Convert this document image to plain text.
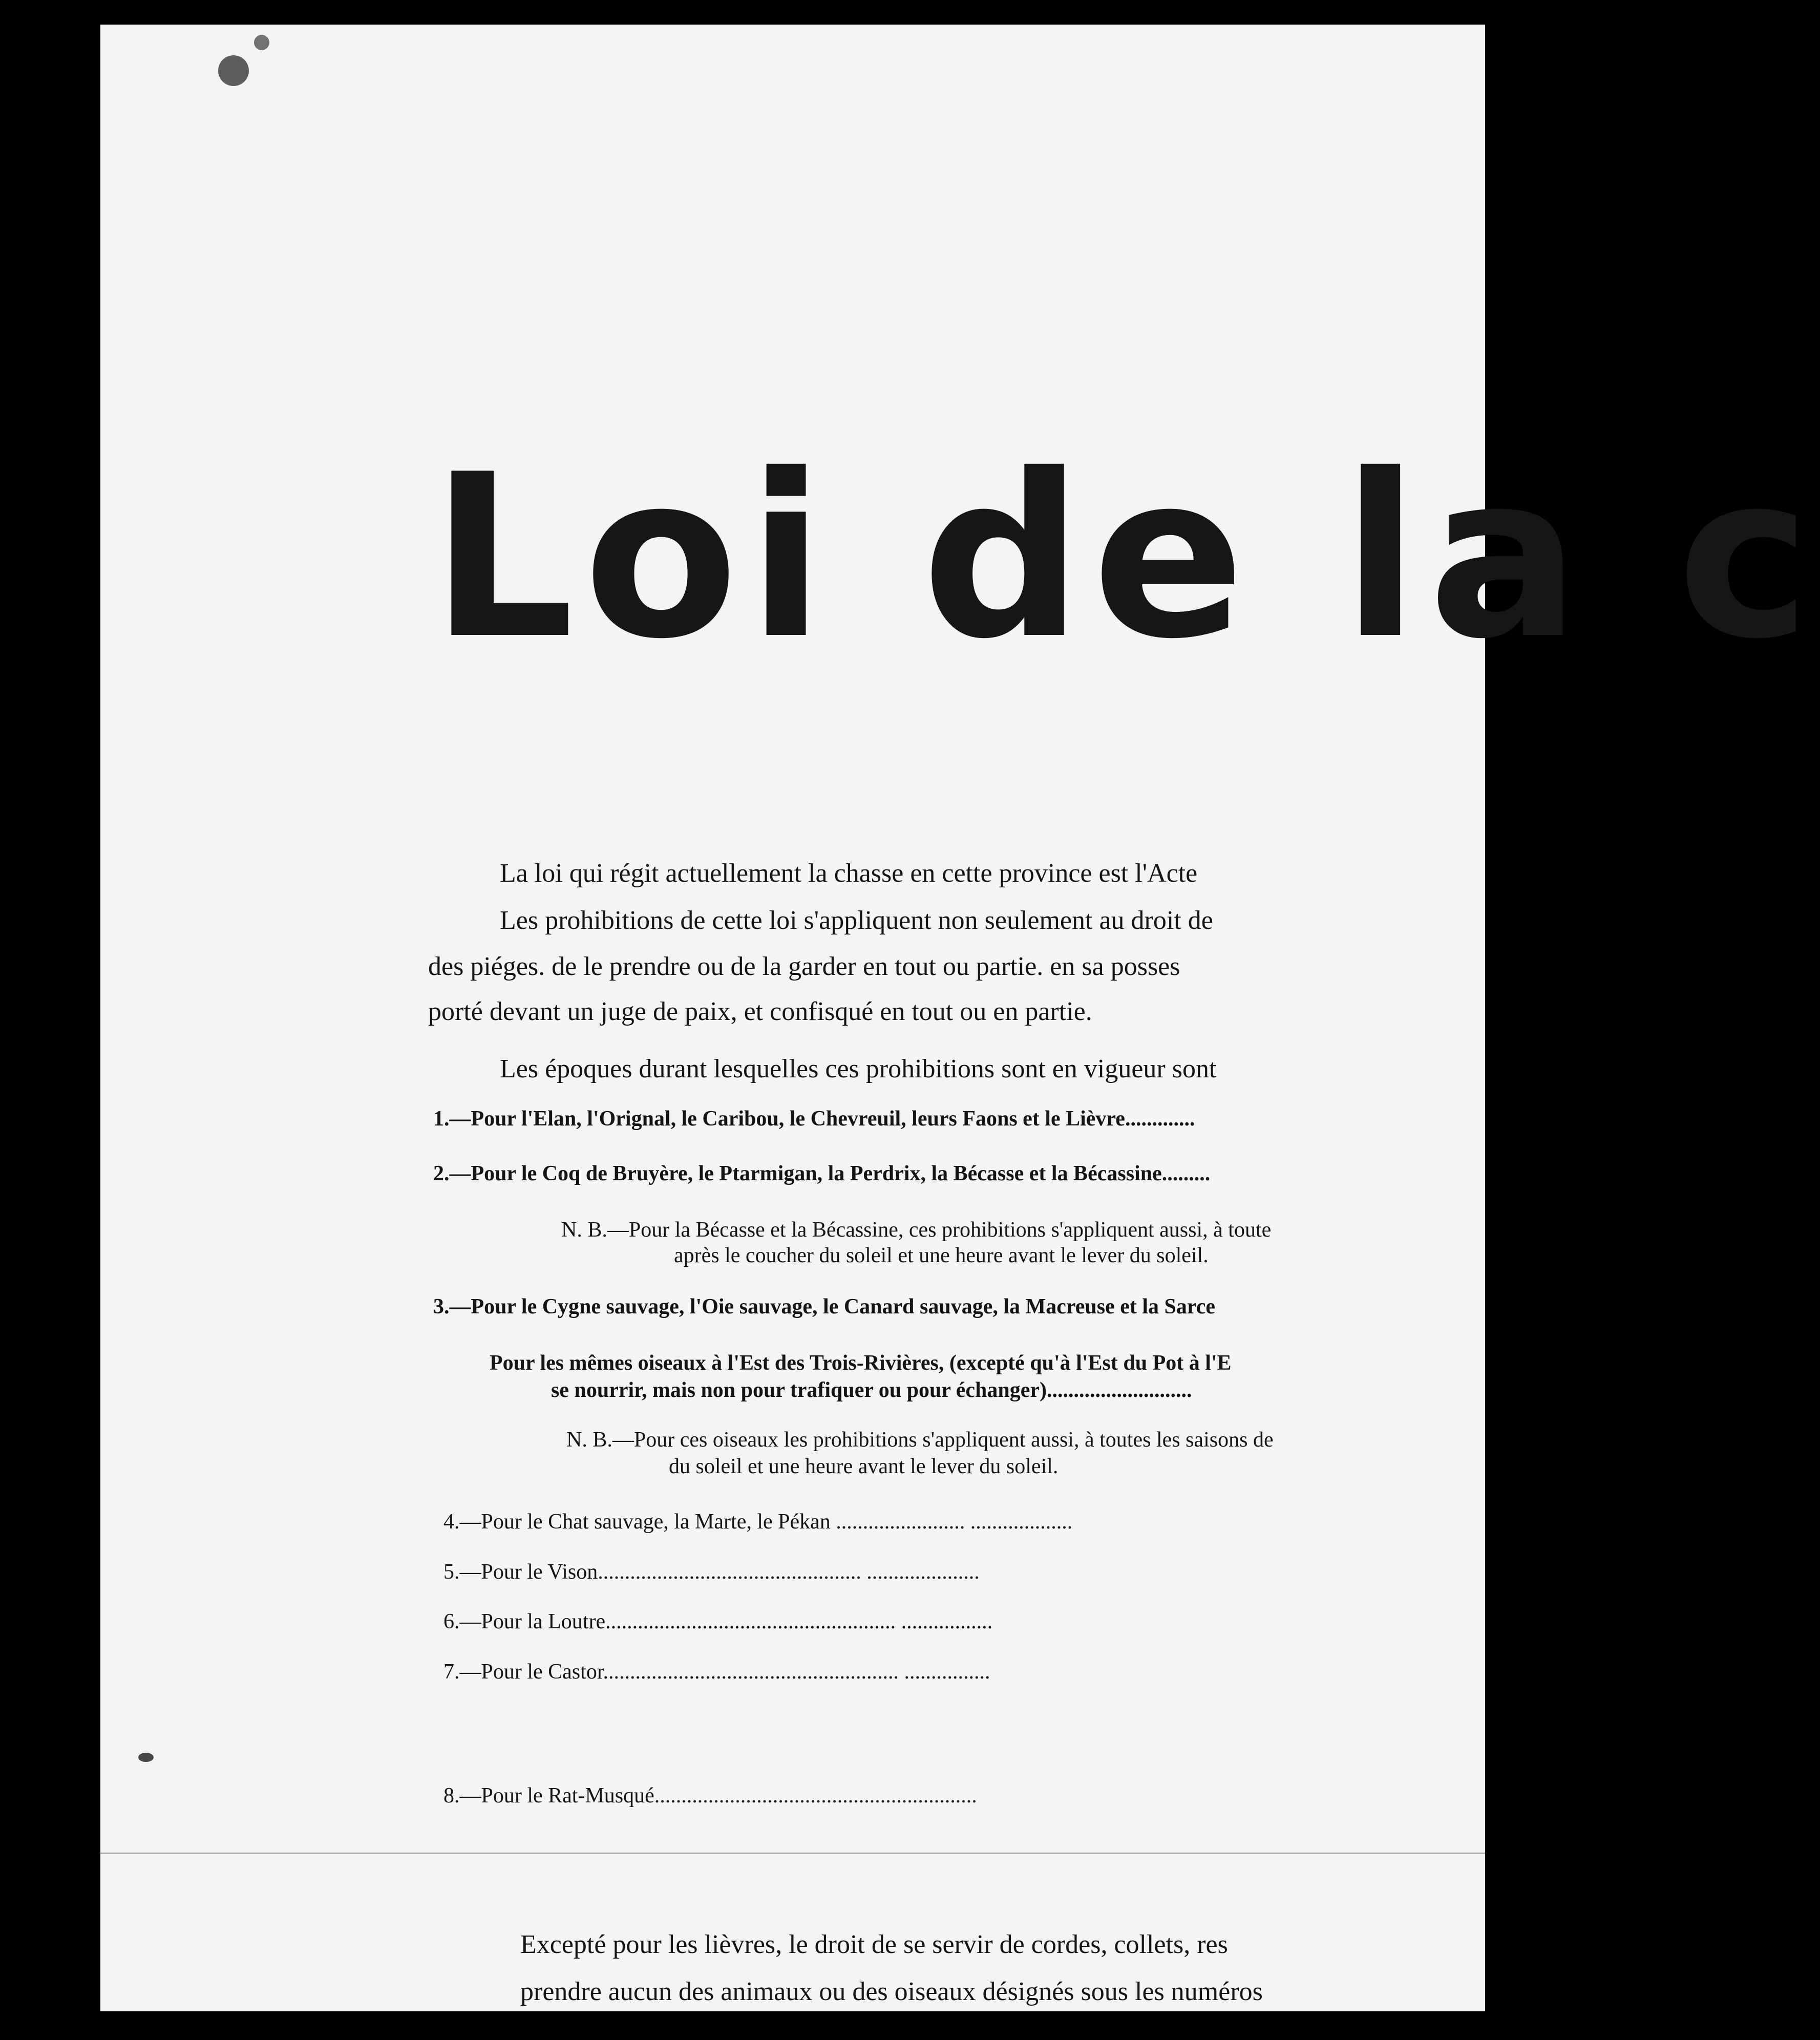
Loi de la c
La loi qui régit actuellement la chasse en cette province est l'Acte
Les prohibitions de cette loi s'appliquent non seulement au droit de
des piéges. de le prendre ou de la garder en tout ou partie. en sa posses
porté devant un juge de paix, et confisqué en tout ou en partie.
Les époques durant lesquelles ces prohibitions sont en vigueur sont
1.—Pour l'Elan, l'Orignal, le Caribou, le Chevreuil, leurs Faons et le Lièvre.............
2.—Pour le Coq de Bruyère, le Ptarmigan, la Perdrix, la Bécasse et la Bécassine.........
N. B.—Pour la Bécasse et la Bécassine, ces prohibitions s'appliquent aussi, à toute
après le coucher du soleil et une heure avant le lever du soleil.
3.—Pour le Cygne sauvage, l'Oie sauvage, le Canard sauvage, la Macreuse et la Sarce
Pour les mêmes oiseaux à l'Est des Trois-Rivières, (excepté qu'à l'Est du Pot à l'E
se nourrir, mais non pour trafiquer ou pour échanger)...........................
N. B.—Pour ces oiseaux les prohibitions s'appliquent aussi, à toutes les saisons de
du soleil et une heure avant le lever du soleil.
4.—Pour le Chat sauvage, la Marte, le Pékan ........................ ...................
5.—Pour le Vison................................................. .....................
6.—Pour la Loutre...................................................... .................
7.—Pour le Castor....................................................... ................
8.—Pour le Rat-Musqué............................................................
Excepté pour les lièvres, le droit de se servir de cordes, collets, res
prendre aucun des animaux ou des oiseaux désignés sous les numéros
